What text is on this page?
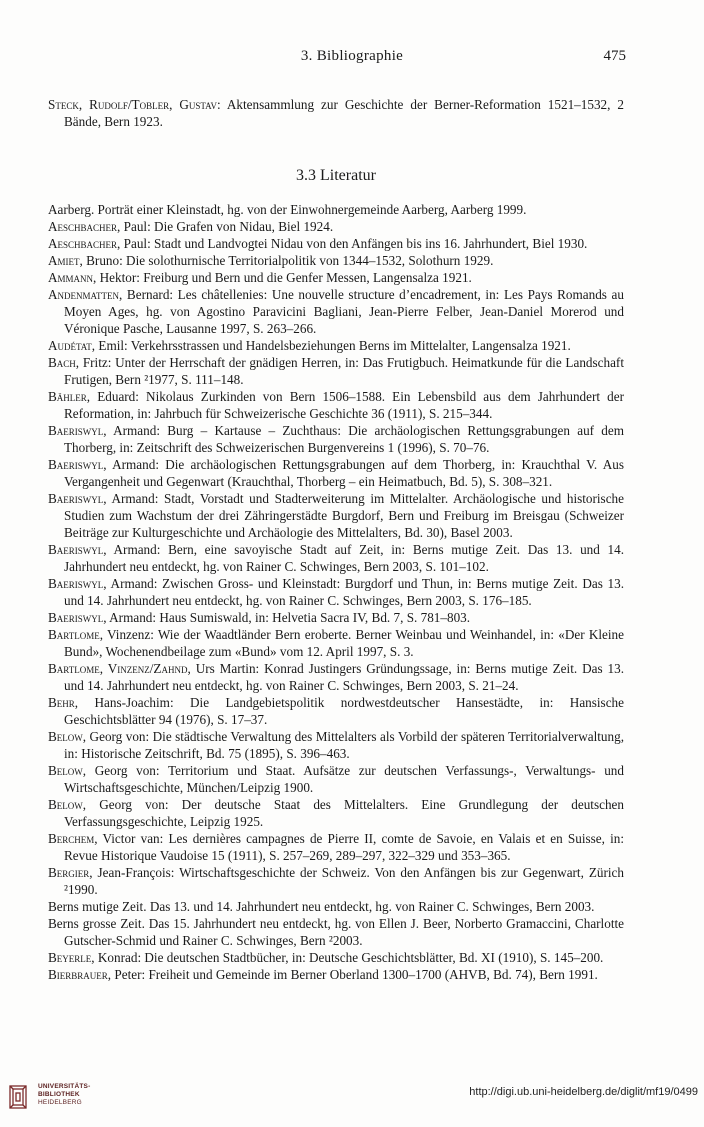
3. Bibliographie	475

Steck, Rudolf/Tobler, Gustav: Aktensammlung zur Geschichte der Berner-Reformation 1521–1532, 2 Bände, Bern 1923.

3.3 Literatur

Aarberg. Porträt einer Kleinstadt, hg. von der Einwohnergemeinde Aarberg, Aarberg 1999.

Aeschbacher, Paul: Die Grafen von Nidau, Biel 1924.

Aeschbacher, Paul: Stadt und Landvogtei Nidau von den Anfängen bis ins 16. Jahrhundert, Biel 1930.

Amiet, Bruno: Die solothurnische Territorialpolitik von 1344–1532, Solothurn 1929.

Ammann, Hektor: Freiburg und Bern und die Genfer Messen, Langensalza 1921.

Andenmatten, Bernard: Les châtellenies: Une nouvelle structure d’encadrement, in: Les Pays Romands au Moyen Ages, hg. von Agostino Paravicini Bagliani, Jean-Pierre Felber, Jean-Daniel Morerod und Véronique Pasche, Lausanne 1997, S. 263–266.

Audétat, Emil: Verkehrsstrassen und Handelsbeziehungen Berns im Mittelalter, Langensalza 1921.

Bach, Fritz: Unter der Herrschaft der gnädigen Herren, in: Das Frutigbuch. Heimatkunde für die Landschaft Frutigen, Bern ²1977, S. 111–148.

Bähler, Eduard: Nikolaus Zurkinden von Bern 1506–1588. Ein Lebensbild aus dem Jahrhundert der Reformation, in: Jahrbuch für Schweizerische Geschichte 36 (1911), S. 215–344.

Baeriswyl, Armand: Burg – Kartause – Zuchthaus: Die archäologischen Rettungsgrabungen auf dem Thorberg, in: Zeitschrift des Schweizerischen Burgenvereins 1 (1996), S. 70–76.

Baeriswyl, Armand: Die archäologischen Rettungsgrabungen auf dem Thorberg, in: Krauchthal V. Aus Vergangenheit und Gegenwart (Krauchthal, Thorberg – ein Heimatbuch, Bd. 5), S. 308–321.

Baeriswyl, Armand: Stadt, Vorstadt und Stadterweiterung im Mittelalter. Archäologische und historische Studien zum Wachstum der drei Zähringerstädte Burgdorf, Bern und Freiburg im Breisgau (Schweizer Beiträge zur Kulturgeschichte und Archäologie des Mittelalters, Bd. 30), Basel 2003.

Baeriswyl, Armand: Bern, eine savoyische Stadt auf Zeit, in: Berns mutige Zeit. Das 13. und 14. Jahrhundert neu entdeckt, hg. von Rainer C. Schwinges, Bern 2003, S. 101–102.

Baeriswyl, Armand: Zwischen Gross- und Kleinstadt: Burgdorf und Thun, in: Berns mutige Zeit. Das 13. und 14. Jahrhundert neu entdeckt, hg. von Rainer C. Schwinges, Bern 2003, S. 176–185.

Baeriswyl, Armand: Haus Sumiswald, in: Helvetia Sacra IV, Bd. 7, S. 781–803.

Bartlome, Vinzenz: Wie der Waadtländer Bern eroberte. Berner Weinbau und Weinhandel, in: «Der Kleine Bund», Wochenendbeilage zum «Bund» vom 12. April 1997, S. 3.

Bartlome, Vinzenz/Zahnd, Urs Martin: Konrad Justingers Gründungssage, in: Berns mutige Zeit. Das 13. und 14. Jahrhundert neu entdeckt, hg. von Rainer C. Schwinges, Bern 2003, S. 21–24.

Behr, Hans-Joachim: Die Landgebietspolitik nordwestdeutscher Hansestädte, in: Hansische Geschichtsblätter 94 (1976), S. 17–37.

Below, Georg von: Die städtische Verwaltung des Mittelalters als Vorbild der späteren Territorialverwaltung, in: Historische Zeitschrift, Bd. 75 (1895), S. 396–463.

Below, Georg von: Territorium und Staat. Aufsätze zur deutschen Verfassungs-, Verwaltungs- und Wirtschaftsgeschichte, München/Leipzig 1900.

Below, Georg von: Der deutsche Staat des Mittelalters. Eine Grundlegung der deutschen Verfassungsgeschichte, Leipzig 1925.

Berchem, Victor van: Les dernières campagnes de Pierre II, comte de Savoie, en Valais et en Suisse, in: Revue Historique Vaudoise 15 (1911), S. 257–269, 289–297, 322–329 und 353–365.

Bergier, Jean-François: Wirtschaftsgeschichte der Schweiz. Von den Anfängen bis zur Gegenwart, Zürich ²1990.

Berns mutige Zeit. Das 13. und 14. Jahrhundert neu entdeckt, hg. von Rainer C. Schwinges, Bern 2003.

Berns grosse Zeit. Das 15. Jahrhundert neu entdeckt, hg. von Ellen J. Beer, Norberto Gramaccini, Charlotte Gutscher-Schmid und Rainer C. Schwinges, Bern ²2003.

Beyerle, Konrad: Die deutschen Stadtbücher, in: Deutsche Geschichtsblätter, Bd. XI (1910), S. 145–200.

Bierbrauer, Peter: Freiheit und Gemeinde im Berner Oberland 1300–1700 (AHVB, Bd. 74), Bern 1991.

UNIVERSITÄTS-
BIBLIOTHEK
HEIDELBERG
http://digi.ub.uni-heidelberg.de/diglit/mf19/0499
